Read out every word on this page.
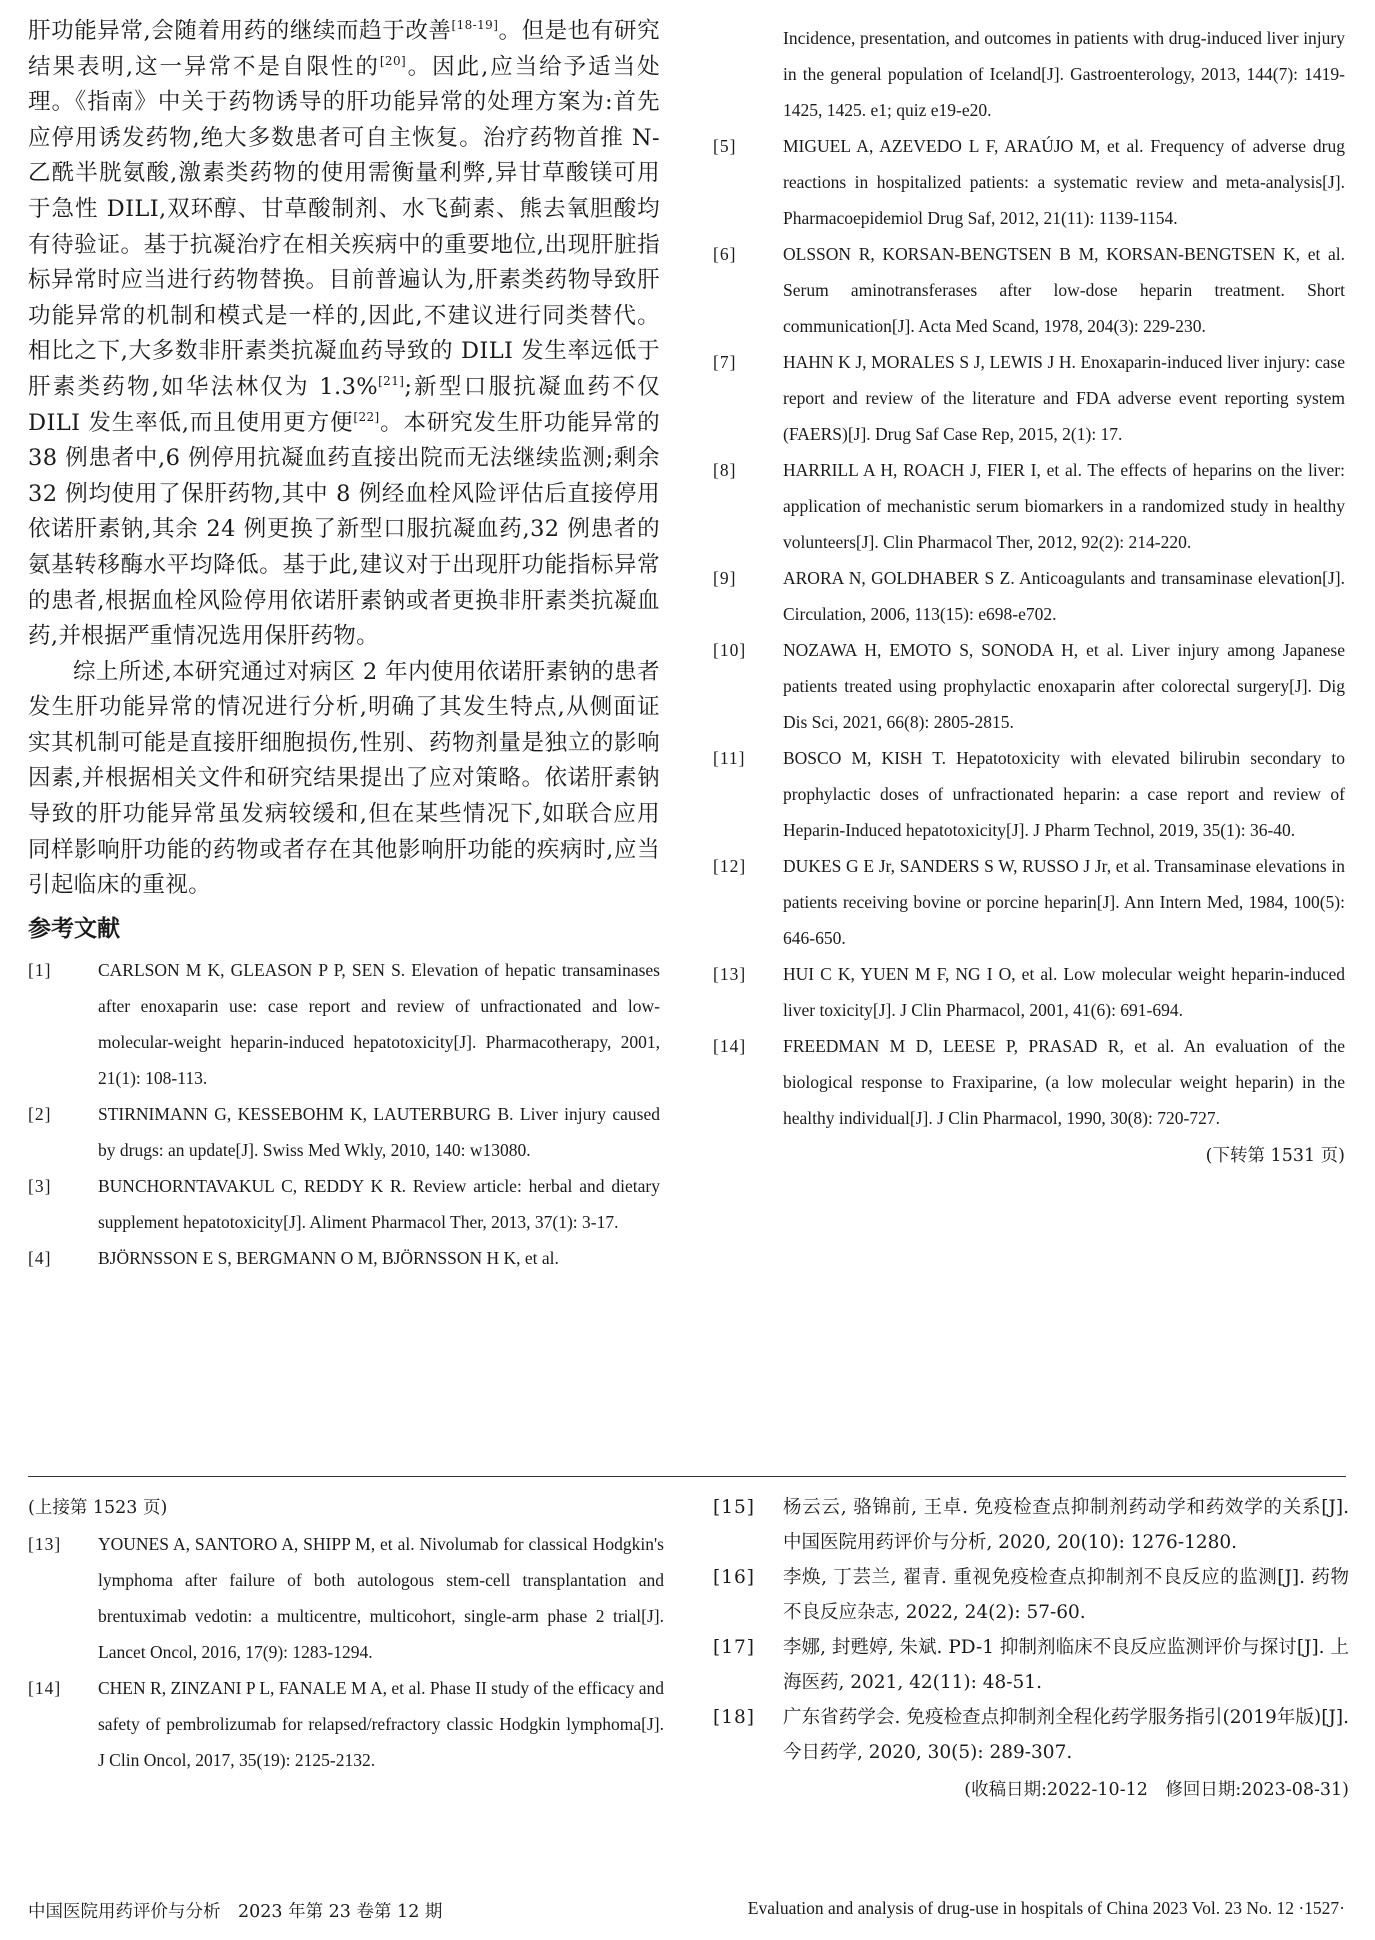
肝功能异常,会随着用药的继续而趋于改善[18-19]。但是也有研究结果表明,这一异常不是自限性的[20]。因此,应当给予适当处理。《指南》中关于药物诱导的肝功能异常的处理方案为:首先应停用诱发药物,绝大多数患者可自主恢复。治疗药物首推 N-乙酰半胱氨酸,激素类药物的使用需衡量利弊,异甘草酸镁可用于急性 DILI,双环醇、甘草酸制剂、水飞蓟素、熊去氧胆酸均有待验证。基于抗凝治疗在相关疾病中的重要地位,出现肝脏指标异常时应当进行药物替换。目前普遍认为,肝素类药物导致肝功能异常的机制和模式是一样的,因此,不建议进行同类替代。相比之下,大多数非肝素类抗凝血药导致的 DILI 发生率远低于肝素类药物,如华法林仅为 1.3%[21];新型口服抗凝血药不仅 DILI 发生率低,而且使用更方便[22]。本研究发生肝功能异常的 38 例患者中,6 例停用抗凝血药直接出院而无法继续监测;剩余 32 例均使用了保肝药物,其中 8 例经血栓风险评估后直接停用依诺肝素钠,其余 24 例更换了新型口服抗凝血药,32 例患者的氨基转移酶水平均降低。基于此,建议对于出现肝功能指标异常的患者,根据血栓风险停用依诺肝素钠或者更换非肝素类抗凝血药,并根据严重情况选用保肝药物。

综上所述,本研究通过对病区 2 年内使用依诺肝素钠的患者发生肝功能异常的情况进行分析,明确了其发生特点,从侧面证实其机制可能是直接肝细胞损伤,性别、药物剂量是独立的影响因素,并根据相关文件和研究结果提出了应对策略。依诺肝素钠导致的肝功能异常虽发病较缓和,但在某些情况下,如联合应用同样影响肝功能的药物或者存在其他影响肝功能的疾病时,应当引起临床的重视。

参考文献
[1]	CARLSON M K, GLEASON P P, SEN S. Elevation of hepatic transaminases after enoxaparin use: case report and review of unfractionated and low-molecular-weight heparin-induced hepatotoxicity[J]. Pharmacotherapy, 2001, 21(1): 108-113.
[2]	STIRNIMANN G, KESSEBOHM K, LAUTERBURG B. Liver injury caused by drugs: an update[J]. Swiss Med Wkly, 2010, 140: w13080.
[3]	BUNCHORNTAVAKUL C, REDDY K R. Review article: herbal and dietary supplement hepatotoxicity[J]. Aliment Pharmacol Ther, 2013, 37(1): 3-17.
[4]	BJÖRNSSON E S, BERGMANN O M, BJÖRNSSON H K, et al.
Incidence, presentation, and outcomes in patients with drug-induced liver injury in the general population of Iceland[J]. Gastroenterology, 2013, 144(7): 1419-1425, 1425. e1; quiz e19-e20.
[5]	MIGUEL A, AZEVEDO L F, ARAÚJO M, et al. Frequency of adverse drug reactions in hospitalized patients: a systematic review and meta-analysis[J]. Pharmacoepidemiol Drug Saf, 2012, 21(11): 1139-1154.
[6]	OLSSON R, KORSAN-BENGTSEN B M, KORSAN-BENGTSEN K, et al. Serum aminotransferases after low-dose heparin treatment. Short communication[J]. Acta Med Scand, 1978, 204(3): 229-230.
[7]	HAHN K J, MORALES S J, LEWIS J H. Enoxaparin-induced liver injury: case report and review of the literature and FDA adverse event reporting system (FAERS)[J]. Drug Saf Case Rep, 2015, 2(1): 17.
[8]	HARRILL A H, ROACH J, FIER I, et al. The effects of heparins on the liver: application of mechanistic serum biomarkers in a randomized study in healthy volunteers[J]. Clin Pharmacol Ther, 2012, 92(2): 214-220.
[9]	ARORA N, GOLDHABER S Z. Anticoagulants and transaminase elevation[J]. Circulation, 2006, 113(15): e698-e702.
[10]	NOZAWA H, EMOTO S, SONODA H, et al. Liver injury among Japanese patients treated using prophylactic enoxaparin after colorectal surgery[J]. Dig Dis Sci, 2021, 66(8): 2805-2815.
[11]	BOSCO M, KISH T. Hepatotoxicity with elevated bilirubin secondary to prophylactic doses of unfractionated heparin: a case report and review of Heparin-Induced hepatotoxicity[J]. J Pharm Technol, 2019, 35(1): 36-40.
[12]	DUKES G E Jr, SANDERS S W, RUSSO J Jr, et al. Transaminase elevations in patients receiving bovine or porcine heparin[J]. Ann Intern Med, 1984, 100(5): 646-650.
[13]	HUI C K, YUEN M F, NG I O, et al. Low molecular weight heparin-induced liver toxicity[J]. J Clin Pharmacol, 2001, 41(6): 691-694.
[14]	FREEDMAN M D, LEESE P, PRASAD R, et al. An evaluation of the biological response to Fraxiparine, (a low molecular weight heparin) in the healthy individual[J]. J Clin Pharmacol, 1990, 30(8): 720-727.
(下转第 1531 页)
(上接第 1523 页)
[13]	YOUNES A, SANTORO A, SHIPP M, et al. Nivolumab for classical Hodgkin's lymphoma after failure of both autologous stem-cell transplantation and brentuximab vedotin: a multicentre, multicohort, single-arm phase 2 trial[J]. Lancet Oncol, 2016, 17(9): 1283-1294.
[14]	CHEN R, ZINZANI P L, FANALE M A, et al. Phase II study of the efficacy and safety of pembrolizumab for relapsed/refractory classic Hodgkin lymphoma[J]. J Clin Oncol, 2017, 35(19): 2125-2132.
[15]	杨云云, 骆锦前, 王卓. 免疫检查点抑制剂药动学和药效学的关系[J]. 中国医院用药评价与分析, 2020, 20(10): 1276-1280.
[16]	李焕, 丁芸兰, 翟青. 重视免疫检查点抑制剂不良反应的监测[J]. 药物不良反应杂志, 2022, 24(2): 57-60.
[17]	李娜, 封甦婷, 朱斌. PD-1 抑制剂临床不良反应监测评价与探讨[J]. 上海医药, 2021, 42(11): 48-51.
[18]	广东省药学会. 免疫检查点抑制剂全程化药学服务指引(2019年版)[J]. 今日药学, 2020, 30(5): 289-307.
(收稿日期:2022-10-12　修回日期:2023-08-31)
中国医院用药评价与分析　2023 年第 23 卷第 12 期	Evaluation and analysis of drug-use in hospitals of China 2023 Vol. 23 No. 12 ·1527·
